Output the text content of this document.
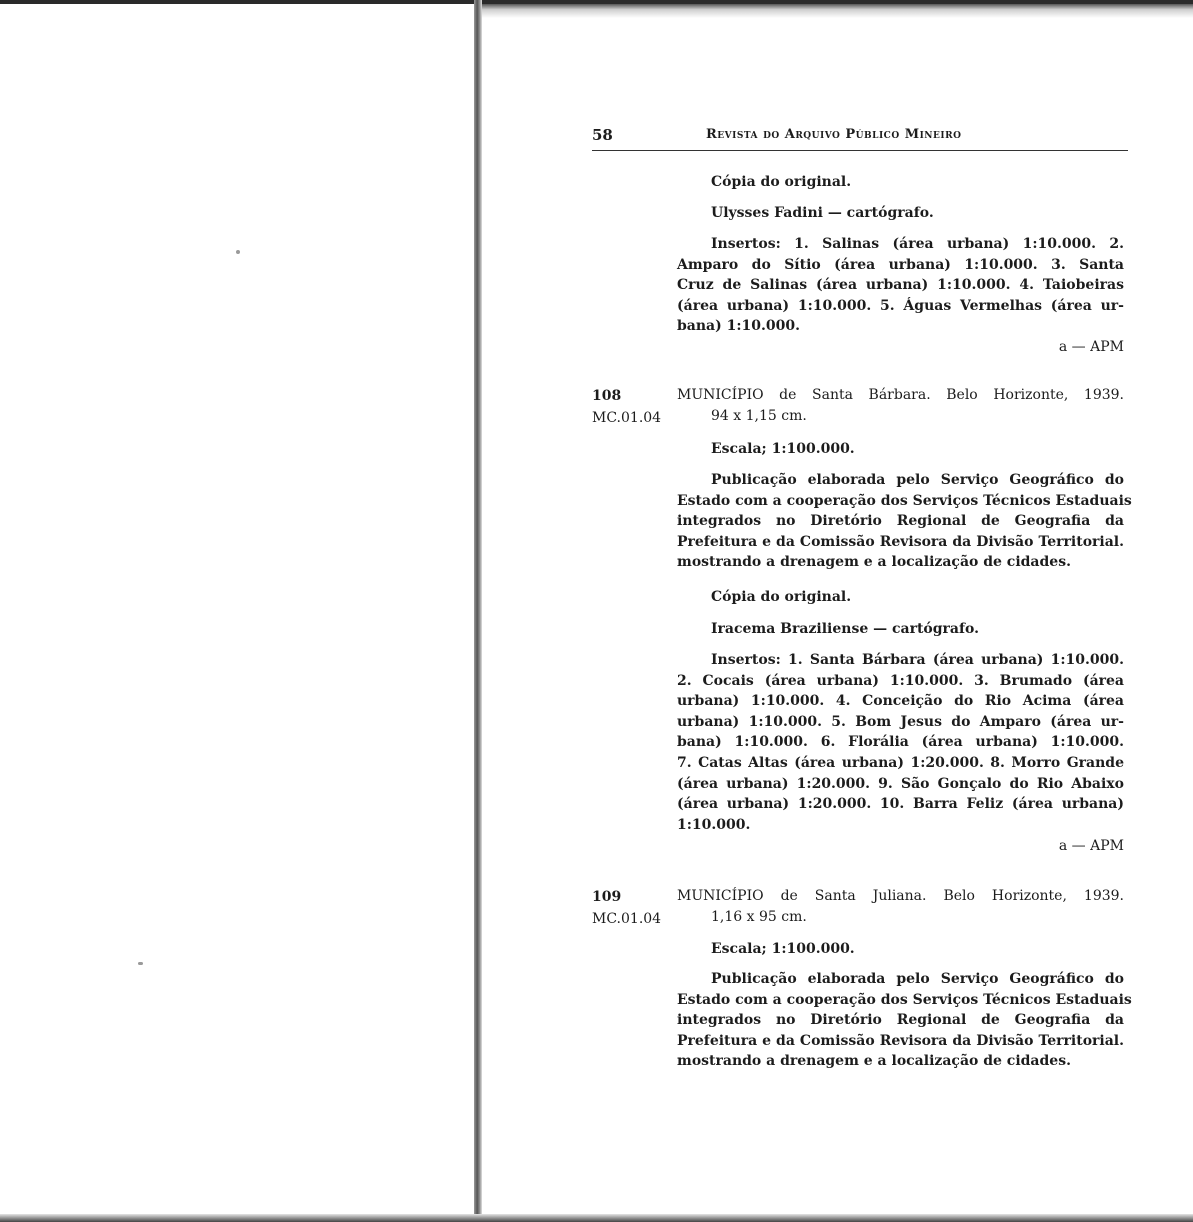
58	Revista do Arquivo Público Mineiro
Cópia do original.
Ulysses Fadini — cartógrafo.
Insertos: 1. Salinas (área urbana) 1:10.000. 2.
Amparo do Sítio (área urbana) 1:10.000. 3. Santa
Cruz de Salinas (área urbana) 1:10.000. 4. Taiobeiras
(área urbana) 1:10.000. 5. Águas Vermelhas (área ur-
bana) 1:10.000.
a — APM
108
MC.01.04
MUNICÍPIO de Santa Bárbara. Belo Horizonte, 1939.
94 x 1,15 cm.
Escala; 1:100.000.
Publicação elaborada pelo Serviço Geográfico do
Estado com a cooperação dos Serviços Técnicos Estaduais
integrados no Diretório Regional de Geografia da
Prefeitura e da Comissão Revisora da Divisão Territorial.
mostrando a drenagem e a localização de cidades.
Cópia do original.
Iracema Braziliense — cartógrafo.
Insertos: 1. Santa Bárbara (área urbana) 1:10.000.
2. Cocais (área urbana) 1:10.000. 3. Brumado (área
urbana) 1:10.000. 4. Conceição do Rio Acima (área
urbana) 1:10.000. 5. Bom Jesus do Amparo (área ur-
bana) 1:10.000. 6. Florália (área urbana) 1:10.000.
7. Catas Altas (área urbana) 1:20.000. 8. Morro Grande
(área urbana) 1:20.000. 9. São Gonçalo do Rio Abaixo
(área urbana) 1:20.000. 10. Barra Feliz (área urbana)
1:10.000.
a — APM
109
MC.01.04
MUNICÍPIO de Santa Juliana. Belo Horizonte, 1939.
1,16 x 95 cm.
Escala; 1:100.000.
Publicação elaborada pelo Serviço Geográfico do
Estado com a cooperação dos Serviços Técnicos Estaduais
integrados no Diretório Regional de Geografia da
Prefeitura e da Comissão Revisora da Divisão Territorial.
mostrando a drenagem e a localização de cidades.
